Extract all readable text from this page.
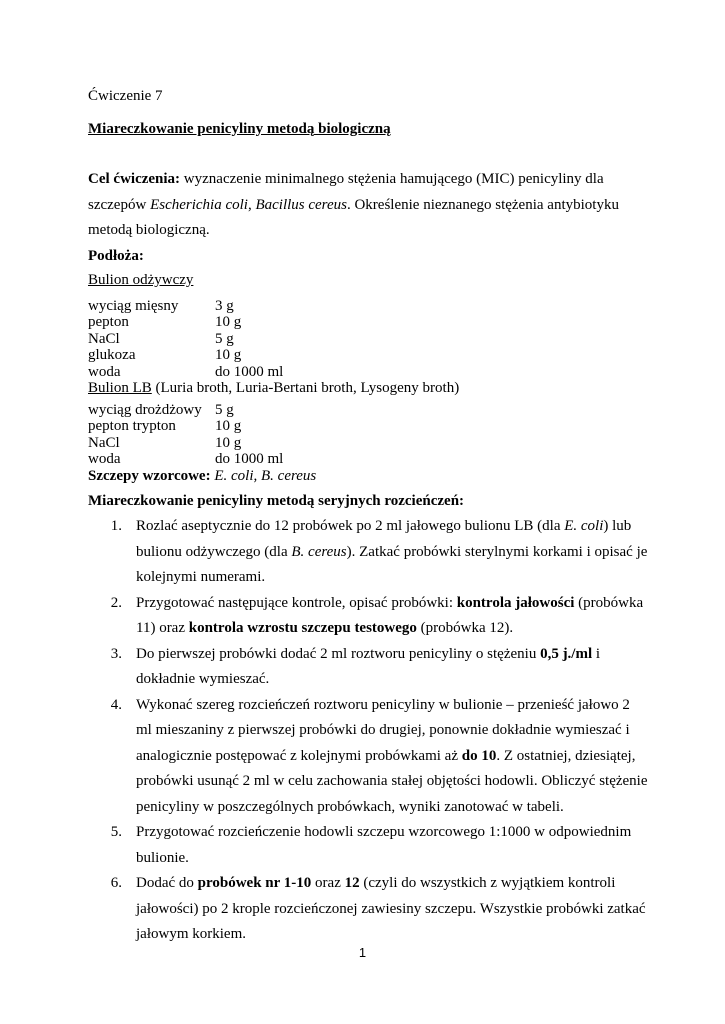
Ćwiczenie 7
Miareczkowanie penicyliny metodą biologiczną
Cel ćwiczenia: wyznaczenie minimalnego stężenia hamującego (MIC) penicyliny dla szczepów Escherichia coli, Bacillus cereus. Określenie nieznanego stężenia antybiotyku metodą biologiczną.
Podłoża:
Bulion odżywczy
wyciąg mięsny	3 g
pepton	10 g
NaCl	5 g
glukoza	10 g
woda	do 1000 ml
Bulion LB (Luria broth, Luria-Bertani broth, Lysogeny broth)
wyciąg drożdżowy 5 g
pepton trypton	10 g
NaCl	10 g
woda	do 1000 ml
Szczepy wzorcowe: E. coli, B. cereus
Miareczkowanie penicyliny metodą seryjnych rozcieńczeń:
1. Rozlać aseptycznie do 12 probówek po 2 ml jałowego bulionu LB (dla E. coli) lub bulionu odżywczego (dla B. cereus). Zatkać probówki sterylnymi korkami i opisać je kolejnymi numerami.
2. Przygotować następujące kontrole, opisać probówki: kontrola jałowości (probówka 11) oraz kontrola wzrostu szczepu testowego (probówka 12).
3. Do pierwszej probówki dodać 2 ml roztworu penicyliny o stężeniu 0,5 j./ml i dokładnie wymieszać.
4. Wykonać szereg rozcieńczeń roztworu penicyliny w bulionie – przenieść jałowo 2 ml mieszaniny z pierwszej probówki do drugiej, ponownie dokładnie wymieszać i analogicznie postępować z kolejnymi probówkami aż do 10. Z ostatniej, dziesiątej, probówki usunąć 2 ml w celu zachowania stałej objętości hodowli. Obliczyć stężenie penicyliny w poszczególnych probówkach, wyniki zanotować w tabeli.
5. Przygotować rozcieńczenie hodowli szczepu wzorcowego 1:1000 w odpowiednim bulionie.
6. Dodać do probówek nr 1-10 oraz 12 (czyli do wszystkich z wyjątkiem kontroli jałowości) po 2 krople rozcieńczonej zawiesiny szczepu. Wszystkie probówki zatkać jałowym korkiem.
1
